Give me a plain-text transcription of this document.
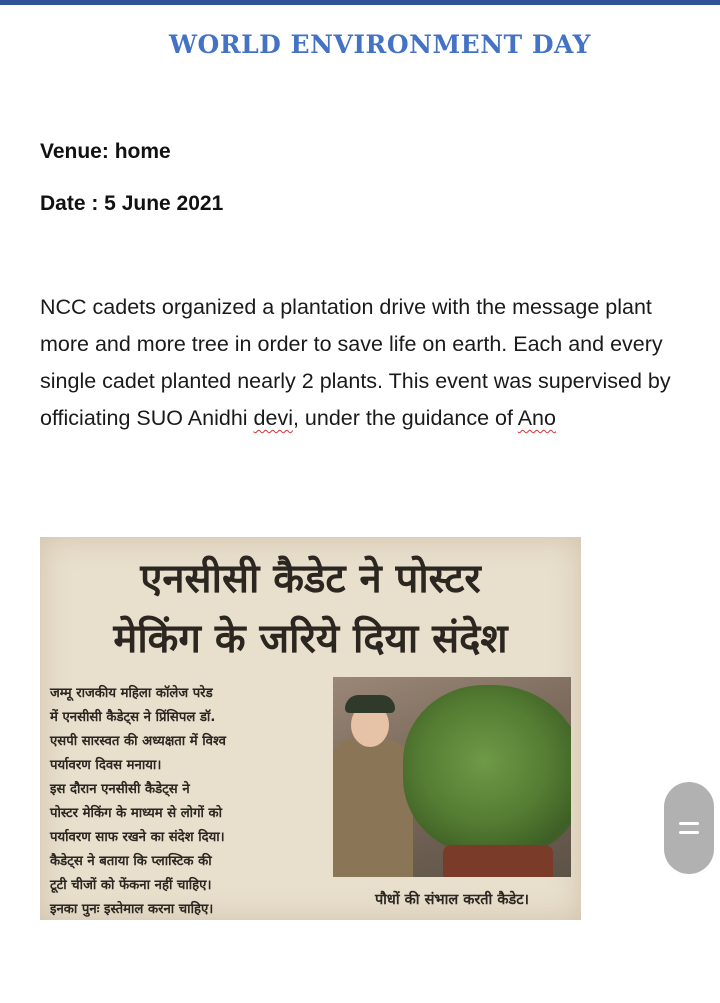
WORLD ENVIRONMENT DAY
Venue: home
Date : 5 June 2021
NCC cadets organized a plantation drive with the message plant more and more tree in order to save life on earth. Each and every single cadet planted nearly 2 plants. This event was supervised by officiating SUO Anidhi devi, under the guidance of Ano
एनसीसी कैडेट ने पोस्टर
मेकिंग के जरिये दिया संदेश
जम्मू राजकीय महिला कॉलेज परेड
में एनसीसी कैडेट्स ने प्रिंसिपल डॉ.
एसपी सारस्वत की अध्यक्षता में विश्व
पर्यावरण दिवस मनाया।
इस दौरान एनसीसी कैडेट्स ने
पोस्टर मेकिंग के माध्यम से लोगों को
पर्यावरण साफ रखने का संदेश दिया।
कैडेट्स ने बताया कि प्लास्टिक की
टूटी चीजों को फेंकना नहीं चाहिए।
इनका पुनः इस्तेमाल करना चाहिए।
पौधों की संभाल करती कैडेट।
